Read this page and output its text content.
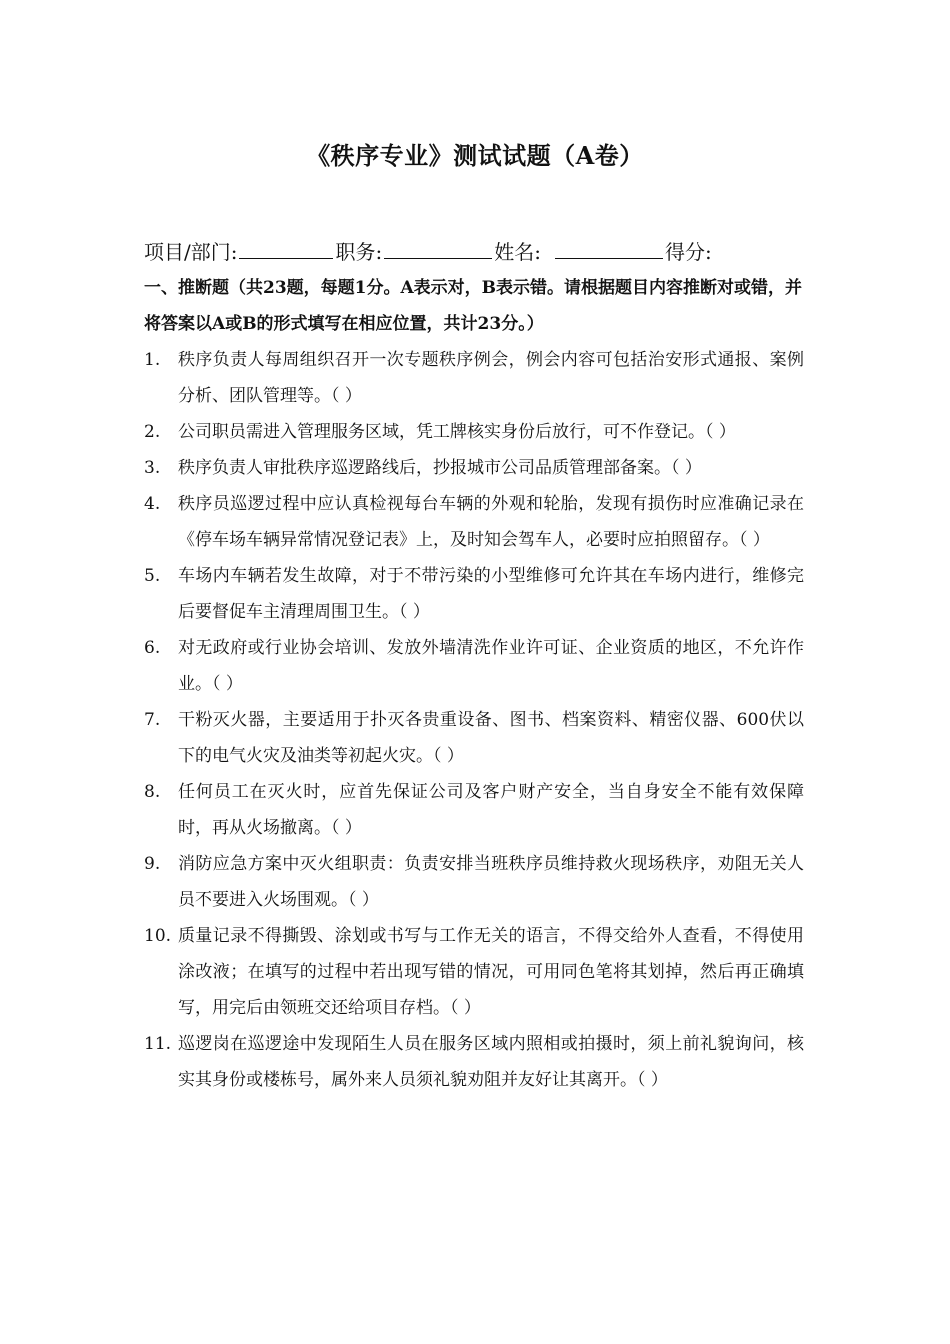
《秩序专业》测试试题（A卷）
项目/部门:	职务:	姓名:	得分:
一、推断题（共23题，每题1分。A表示对，B表示错。请根据题目内容推断对或错，并将答案以A或B的形式填写在相应位置，共计23分。）
1.	秩序负责人每周组织召开一次专题秩序例会，例会内容可包括治安形式通报、案例分析、团队管理等。（ ）
2.	公司职员需进入管理服务区域，凭工牌核实身份后放行，可不作登记。（ ）
3.	秩序负责人审批秩序巡逻路线后，抄报城市公司品质管理部备案。（ ）
4.	秩序员巡逻过程中应认真检视每台车辆的外观和轮胎，发现有损伤时应准确记录在《停车场车辆异常情况登记表》上，及时知会驾车人，必要时应拍照留存。（ ）
5.	车场内车辆若发生故障，对于不带污染的小型维修可允许其在车场内进行，维修完后要督促车主清理周围卫生。（ ）
6.	对无政府或行业协会培训、发放外墙清洗作业许可证、企业资质的地区，不允许作业。（ ）
7.	干粉灭火器，主要适用于扑灭各贵重设备、图书、档案资料、精密仪器、600伏以下的电气火灾及油类等初起火灾。（ ）
8.	任何员工在灭火时，应首先保证公司及客户财产安全，当自身安全不能有效保障时，再从火场撤离。（ ）
9.	消防应急方案中灭火组职责：负责安排当班秩序员维持救火现场秩序，劝阻无关人员不要进入火场围观。（ ）
10. 质量记录不得撕毁、涂划或书写与工作无关的语言，不得交给外人查看，不得使用涂改液；在填写的过程中若出现写错的情况，可用同色笔将其划掉，然后再正确填写，用完后由领班交还给项目存档。（ ）
11. 巡逻岗在巡逻途中发现陌生人员在服务区域内照相或拍摄时，须上前礼貌询问，核实其身份或楼栋号，属外来人员须礼貌劝阻并友好让其离开。（ ）
